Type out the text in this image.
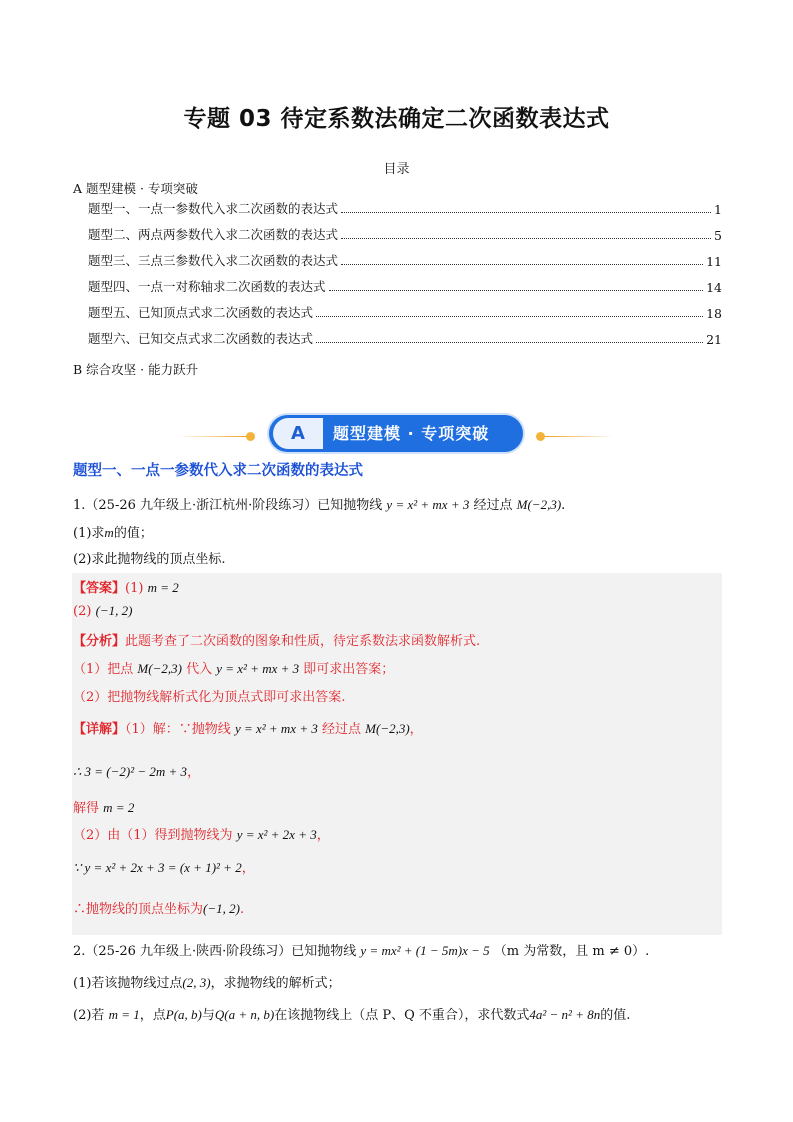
专题 03 待定系数法确定二次函数表达式
目录
A 题型建模 · 专项突破
题型一、一点一参数代入求二次函数的表达式	1
题型二、两点两参数代入求二次函数的表达式	5
题型三、三点三参数代入求二次函数的表达式	11
题型四、一点一对称轴求二次函数的表达式	14
题型五、已知顶点式求二次函数的表达式	18
题型六、已知交点式求二次函数的表达式	21
B 综合攻坚 · 能力跃升
A	题型建模 · 专项突破
题型一、一点一参数代入求二次函数的表达式
1.（25-26 九年级上·浙江杭州·阶段练习）已知抛物线 y = x² + mx + 3 经过点 M(−2,3).
(1)求m的值；
(2)求此抛物线的顶点坐标.
【答案】(1) m = 2
(2) (−1, 2)
【分析】此题考查了二次函数的图象和性质，待定系数法求函数解析式.
（1）把点 M(−2,3) 代入 y = x² + mx + 3 即可求出答案；
（2）把抛物线解析式化为顶点式即可求出答案.
【详解】（1）解：∵抛物线 y = x² + mx + 3 经过点 M(−2,3)，
∴ 3 = (−2)² − 2m + 3，
解得 m = 2
（2）由（1）得到抛物线为 y = x² + 2x + 3，
∵ y = x² + 2x + 3 = (x + 1)² + 2，
∴抛物线的顶点坐标为(−1, 2).
2.（25-26 九年级上·陕西·阶段练习）已知抛物线 y = mx² + (1 − 5m)x − 5 （m 为常数，且 m ≠ 0）.
(1)若该抛物线过点(2, 3)，求抛物线的解析式；
(2)若 m = 1，点P(a, b)与Q(a + n, b)在该抛物线上（点 P、Q 不重合），求代数式4a² − n² + 8n的值.
